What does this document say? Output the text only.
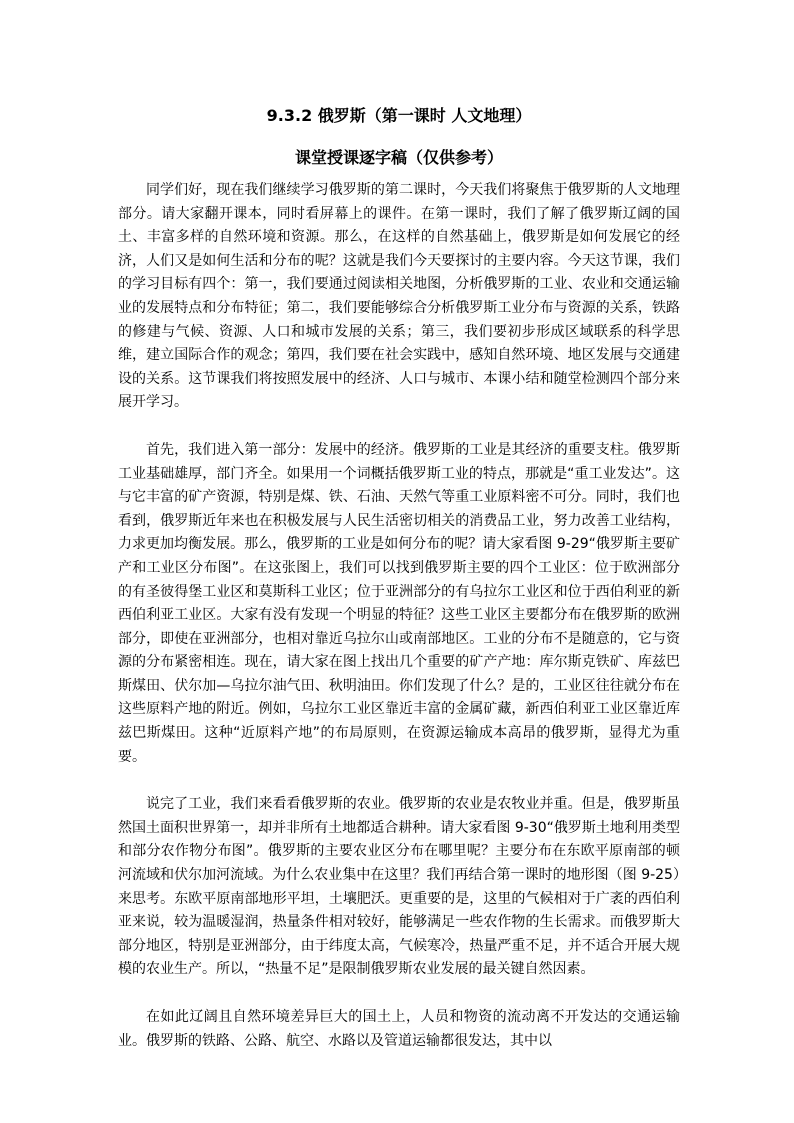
9.3.2 俄罗斯（第一课时 人文地理）
课堂授课逐字稿（仅供参考）

同学们好，现在我们继续学习俄罗斯的第二课时，今天我们将聚焦于俄罗斯的人文地理部分。请大家翻开课本，同时看屏幕上的课件。在第一课时，我们了解了俄罗斯辽阔的国土、丰富多样的自然环境和资源。那么，在这样的自然基础上，俄罗斯是如何发展它的经济，人们又是如何生活和分布的呢？这就是我们今天要探讨的主要内容。今天这节课，我们的学习目标有四个：第一，我们要通过阅读相关地图，分析俄罗斯的工业、农业和交通运输业的发展特点和分布特征；第二，我们要能够综合分析俄罗斯工业分布与资源的关系，铁路的修建与气候、资源、人口和城市发展的关系；第三，我们要初步形成区域联系的科学思维，建立国际合作的观念；第四，我们要在社会实践中，感知自然环境、地区发展与交通建设的关系。这节课我们将按照发展中的经济、人口与城市、本课小结和随堂检测四个部分来展开学习。

首先，我们进入第一部分：发展中的经济。俄罗斯的工业是其经济的重要支柱。俄罗斯工业基础雄厚，部门齐全。如果用一个词概括俄罗斯工业的特点，那就是“重工业发达”。这与它丰富的矿产资源，特别是煤、铁、石油、天然气等重工业原料密不可分。同时，我们也看到，俄罗斯近年来也在积极发展与人民生活密切相关的消费品工业，努力改善工业结构，力求更加均衡发展。那么，俄罗斯的工业是如何分布的呢？请大家看图 9-29“俄罗斯主要矿产和工业区分布图”。在这张图上，我们可以找到俄罗斯主要的四个工业区：位于欧洲部分的有圣彼得堡工业区和莫斯科工业区；位于亚洲部分的有乌拉尔工业区和位于西伯利亚的新西伯利亚工业区。大家有没有发现一个明显的特征？这些工业区主要都分布在俄罗斯的欧洲部分，即使在亚洲部分，也相对靠近乌拉尔山或南部地区。工业的分布不是随意的，它与资源的分布紧密相连。现在，请大家在图上找出几个重要的矿产产地：库尔斯克铁矿、库兹巴斯煤田、伏尔加—乌拉尔油气田、秋明油田。你们发现了什么？是的，工业区往往就分布在这些原料产地的附近。例如，乌拉尔工业区靠近丰富的金属矿藏，新西伯利亚工业区靠近库兹巴斯煤田。这种“近原料产地”的布局原则，在资源运输成本高昂的俄罗斯，显得尤为重要。

说完了工业，我们来看看俄罗斯的农业。俄罗斯的农业是农牧业并重。但是，俄罗斯虽然国土面积世界第一，却并非所有土地都适合耕种。请大家看图 9-30“俄罗斯土地利用类型和部分农作物分布图”。俄罗斯的主要农业区分布在哪里呢？主要分布在东欧平原南部的顿河流域和伏尔加河流域。为什么农业集中在这里？我们再结合第一课时的地形图（图 9-25）来思考。东欧平原南部地形平坦，土壤肥沃。更重要的是，这里的气候相对于广袤的西伯利亚来说，较为温暖湿润，热量条件相对较好，能够满足一些农作物的生长需求。而俄罗斯大部分地区，特别是亚洲部分，由于纬度太高，气候寒冷，热量严重不足，并不适合开展大规模的农业生产。所以，“热量不足”是限制俄罗斯农业发展的最关键自然因素。

在如此辽阔且自然环境差异巨大的国土上，人员和物资的流动离不开发达的交通运输业。俄罗斯的铁路、公路、航空、水路以及管道运输都很发达，其中以
